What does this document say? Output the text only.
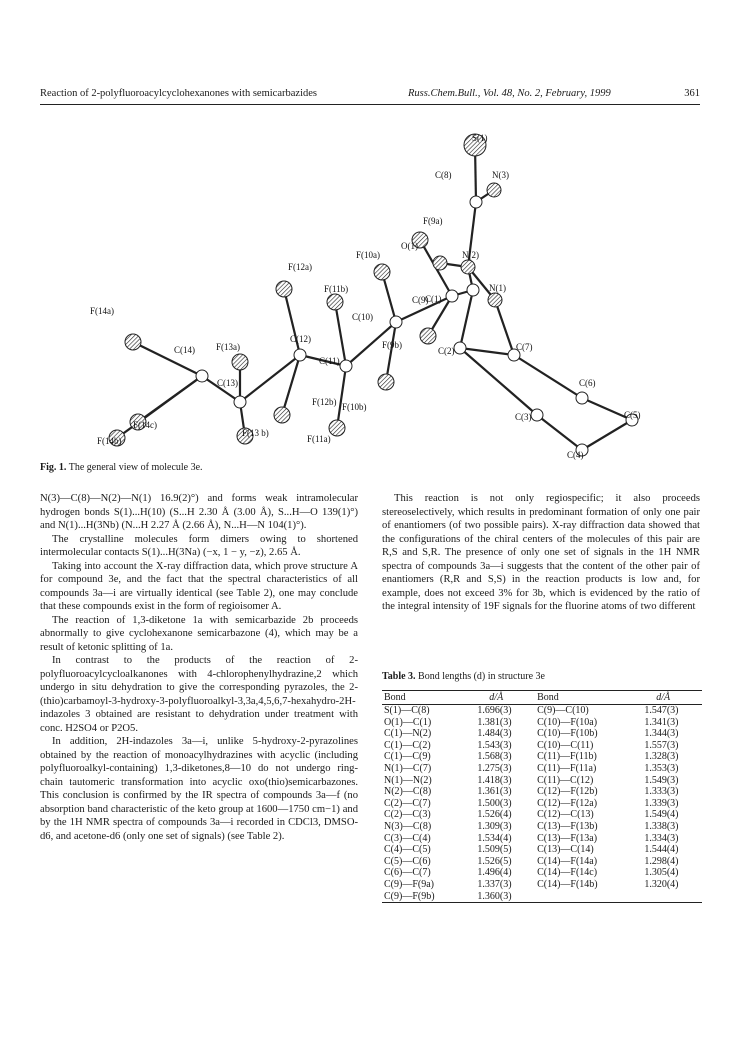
Reaction of 2-polyfluoroacylcyclohexanones with semicarbazides	Russ.Chem.Bull., Vol. 48, No. 2, February, 1999	361
S(1)
N(3)
C(8)
F(9a)
O(1)
N(2)
F(10a)
N(1)
F(12a)
F(11b)
C(9)
C(1)
F(14a)
C(12)
C(10)
C(7)
F(13a)
C(11)
F(9b)
C(2)
C(14)
C(6)
F(10b)
C(13)
F(12b)
C(3)	C(5)
F(11a)
F(14c)
F(13 b)
F(14b)
C(4)
Fig. 1. The general view of molecule 3e.

N(3)—C(8)—N(2)—N(1) 16.9(2)°) and forms weak intramolecular hydrogen bonds S(1)...H(10) (S...H 2.30 Å (3.00 Å), S...H—O 139(1)°) and N(1)...H(3Nb) (N...H 2.27 Å (2.66 Å), N...H—N 104(1)°).

The crystalline molecules form dimers owing to shortened intermolecular contacts S(1)...H(3Na) (−x, 1 − y, −z), 2.65 Å.

Taking into account the X-ray diffraction data, which prove structure A for compound 3e, and the fact that the spectral characteristics of all compounds 3a—i are virtually identical (see Table 2), one may conclude that these compounds exist in the form of regioisomer A.

The reaction of 1,3-diketone 1a with semicarbazide 2b proceeds abnormally to give cyclohexanone semicarbazone (4), which may be a result of ketonic splitting of 1a.

In contrast to the products of the reaction of 2-polyfluoroacylcycloalkanones with 4-chlorophenylhydrazine,2 which undergo in situ dehydration to give the corresponding pyrazoles, the 2-(thio)carbamoyl-3-hydroxy-3-polyfluoroalkyl-3,3a,4,5,6,7-hexahydro-2H-indazoles 3 obtained are resistant to dehydration under treatment with conc. H2SO4 or P2O5.

In addition, 2H-indazoles 3a—i, unlike 5-hydroxy-2-pyrazolines obtained by the reaction of monoacylhydrazines with acyclic (including polyfluoroalkyl-containing) 1,3-diketones,8—10 do not undergo ring-chain tautomeric transformation into acyclic oxo(thio)semicarbazones. This conclusion is confirmed by the IR spectra of compounds 3a—f (no absorption band characteristic of the keto group at 1600—1750 cm−1) and by the 1H NMR spectra of compounds 3a—i recorded in CDCl3, DMSO-d6, and acetone-d6 (only one set of signals) (see Table 2).

This reaction is not only regiospecific; it also proceeds stereoselectively, which results in predominant formation of only one pair of enantiomers (of two possible pairs). X-ray diffraction data showed that the configurations of the chiral centers of the molecules of this pair are R,S and S,R. The presence of only one set of signals in the 1H NMR spectra of compounds 3a—i suggests that the content of the other pair of enantiomers (R,R and S,S) in the reaction products is low and, for example, does not exceed 3% for 3b, which is evidenced by the ratio of the integral intensity of 19F signals for the fluorine atoms of two different

Table 3. Bond lengths (d) in structure 3e
Bond	d/Å	Bond	d/Å
S(1)—C(8)	1.696(3)	C(9)—C(10)	1.547(3)
O(1)—C(1)	1.381(3)	C(10)—F(10a)	1.341(3)
C(1)—N(2)	1.484(3)	C(10)—F(10b)	1.344(3)
C(1)—C(2)	1.543(3)	C(10)—C(11)	1.557(3)
C(1)—C(9)	1.568(3)	C(11)—F(11b)	1.328(3)
N(1)—C(7)	1.275(3)	C(11)—F(11a)	1.353(3)
N(1)—N(2)	1.418(3)	C(11)—C(12)	1.549(3)
N(2)—C(8)	1.361(3)	C(12)—F(12b)	1.333(3)
C(2)—C(7)	1.500(3)	C(12)—F(12a)	1.339(3)
C(2)—C(3)	1.526(4)	C(12)—C(13)	1.549(4)
N(3)—C(8)	1.309(3)	C(13)—F(13b)	1.338(3)
C(3)—C(4)	1.534(4)	C(13)—F(13a)	1.334(3)
C(4)—C(5)	1.509(5)	C(13)—C(14)	1.544(4)
C(5)—C(6)	1.526(5)	C(14)—F(14a)	1.298(4)
C(6)—C(7)	1.496(4)	C(14)—F(14c)	1.305(4)
C(9)—F(9a)	1.337(3)	C(14)—F(14b)	1.320(4)
C(9)—F(9b)	1.360(3)		
